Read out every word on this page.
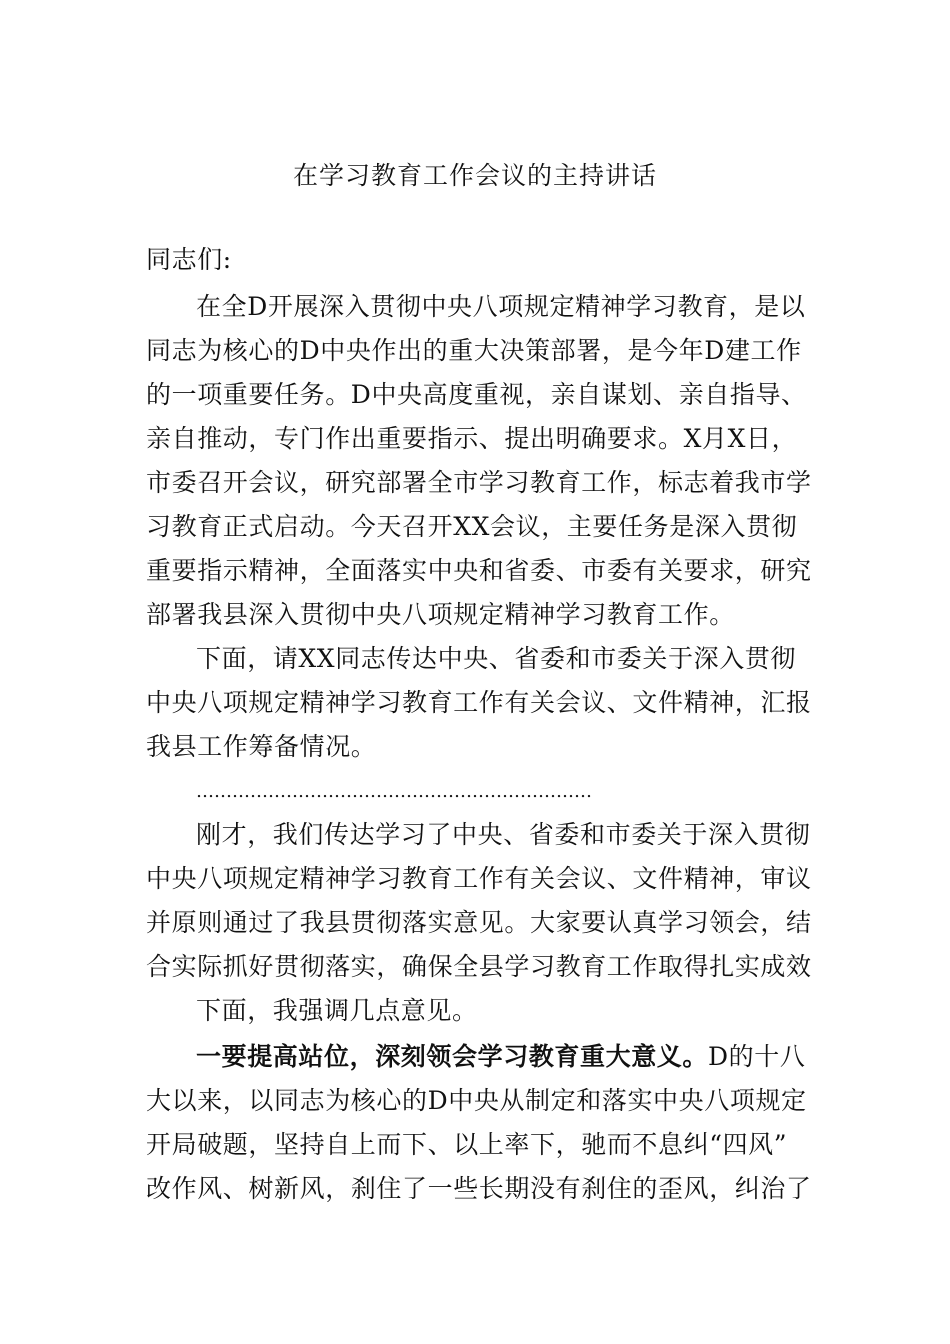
在学习教育工作会议的主持讲话
同志们:
在全D开展深入贯彻中央八项规定精神学习教育，是以
同志为核心的D中央作出的重大决策部署，是今年D建工作
的一项重要任务。D中央高度重视，亲自谋划、亲自指导、
亲自推动，专门作出重要指示、提出明确要求。X月X日，
市委召开会议，研究部署全市学习教育工作，标志着我市学
习教育正式启动。今天召开XX会议，主要任务是深入贯彻
重要指示精神，全面落实中央和省委、市委有关要求，研究
部署我县深入贯彻中央八项规定精神学习教育工作。
下面，请XX同志传达中央、省委和市委关于深入贯彻
中央八项规定精神学习教育工作有关会议、文件精神，汇报
我县工作筹备情况。
…………………………………………………………
刚才，我们传达学习了中央、省委和市委关于深入贯彻
中央八项规定精神学习教育工作有关会议、文件精神，审议
并原则通过了我县贯彻落实意见。大家要认真学习领会，结
合实际抓好贯彻落实，确保全县学习教育工作取得扎实成效
下面，我强调几点意见。
一要提高站位，深刻领会学习教育重大意义。D的十八
大以来，以同志为核心的D中央从制定和落实中央八项规定
开局破题，坚持自上而下、以上率下，驰而不息纠“四风”
改作风、树新风，刹住了一些长期没有刹住的歪风，纠治了
